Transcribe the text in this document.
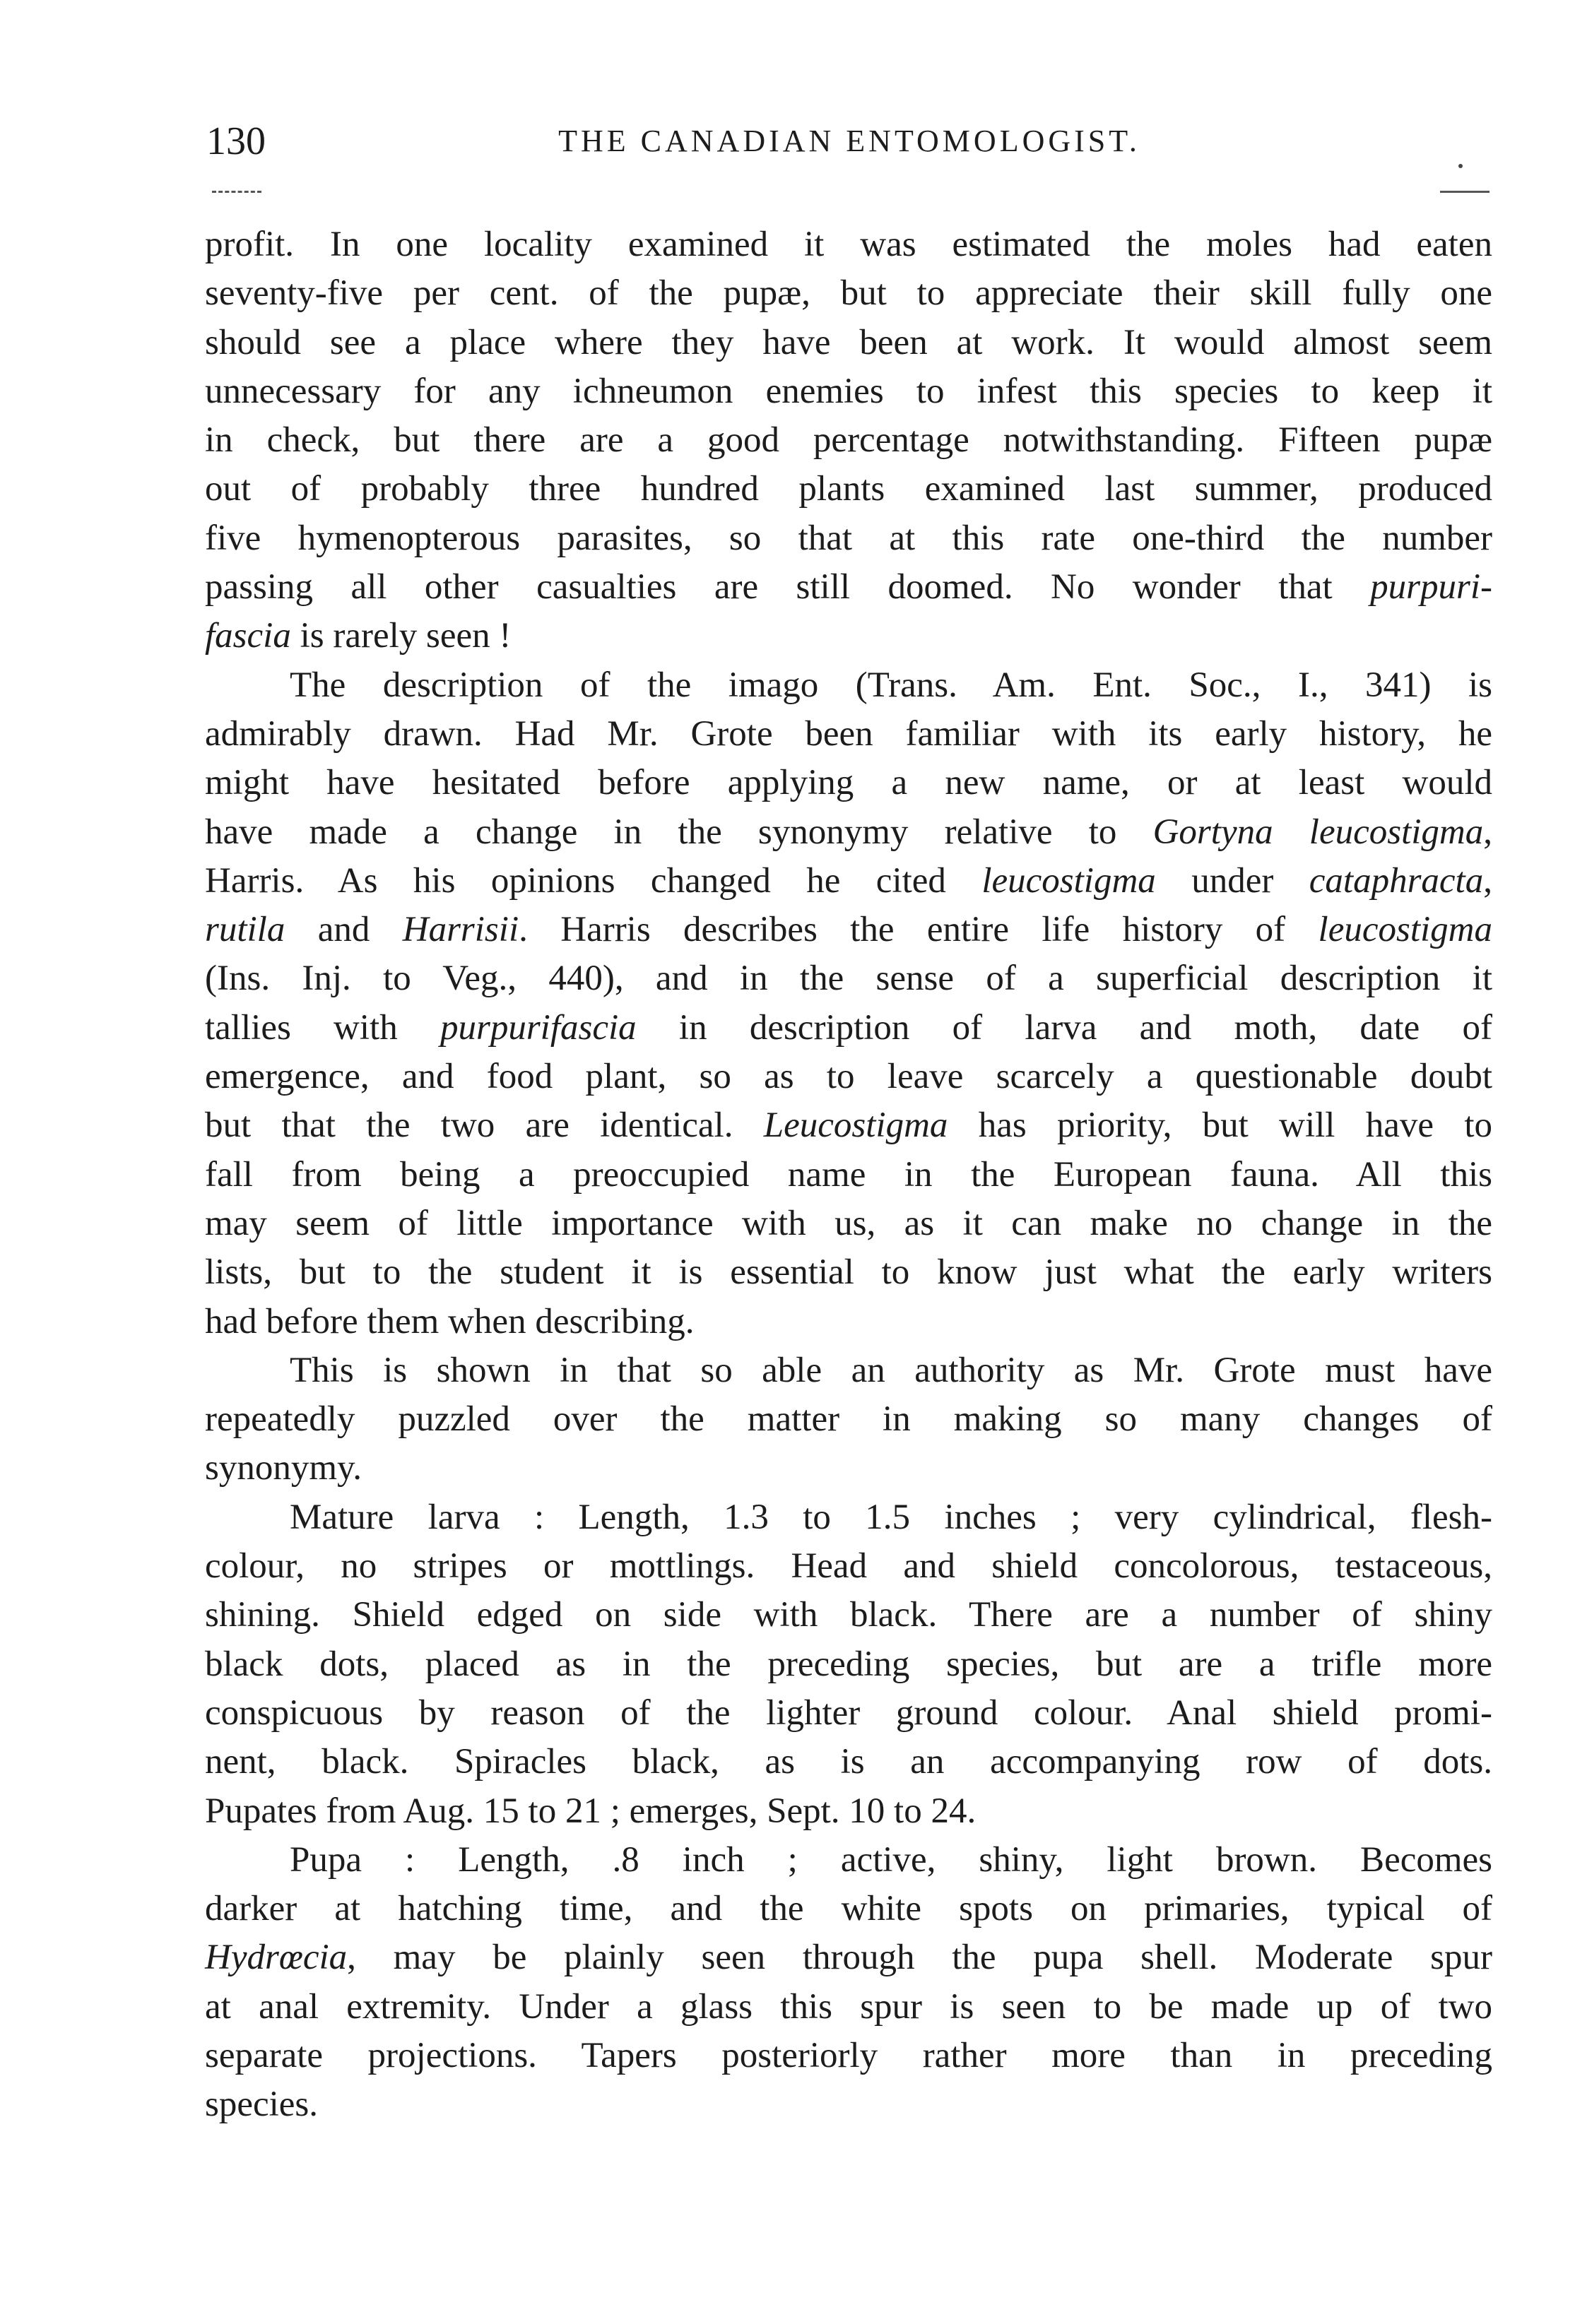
130	THE CANADIAN ENTOMOLOGIST.

profit. In one locality examined it was estimated the moles had eaten
seventy-five per cent. of the pupæ, but to appreciate their skill fully one
should see a place where they have been at work. It would almost seem
unnecessary for any ichneumon enemies to infest this species to keep it
in check, but there are a good percentage notwithstanding. Fifteen pupæ
out of probably three hundred plants examined last summer, produced
five hymenopterous parasites, so that at this rate one-third the number
passing all other casualties are still doomed. No wonder that purpuri-
fascia is rarely seen !

The description of the imago (Trans. Am. Ent. Soc., I., 341) is
admirably drawn. Had Mr. Grote been familiar with its early history, he
might have hesitated before applying a new name, or at least would
have made a change in the synonymy relative to Gortyna leucostigma,
Harris. As his opinions changed he cited leucostigma under cataphracta,
rutila and Harrisii. Harris describes the entire life history of leucostigma
(Ins. Inj. to Veg., 440), and in the sense of a superficial description it
tallies with purpurifascia in description of larva and moth, date of
emergence, and food plant, so as to leave scarcely a questionable doubt
but that the two are identical. Leucostigma has priority, but will have to
fall from being a preoccupied name in the European fauna. All this
may seem of little importance with us, as it can make no change in the
lists, but to the student it is essential to know just what the early writers
had before them when describing.

This is shown in that so able an authority as Mr. Grote must have
repeatedly puzzled over the matter in making so many changes of
synonymy.

Mature larva : Length, 1.3 to 1.5 inches ; very cylindrical, flesh-
colour, no stripes or mottlings. Head and shield concolorous, testaceous,
shining. Shield edged on side with black. There are a number of shiny
black dots, placed as in the preceding species, but are a trifle more
conspicuous by reason of the lighter ground colour. Anal shield promi-
nent, black. Spiracles black, as is an accompanying row of dots.
Pupates from Aug. 15 to 21 ; emerges, Sept. 10 to 24.

Pupa : Length, .8 inch ; active, shiny, light brown. Becomes
darker at hatching time, and the white spots on primaries, typical of
Hydrœcia, may be plainly seen through the pupa shell. Moderate spur
at anal extremity. Under a glass this spur is seen to be made up of two
separate projections. Tapers posteriorly rather more than in preceding
species.
